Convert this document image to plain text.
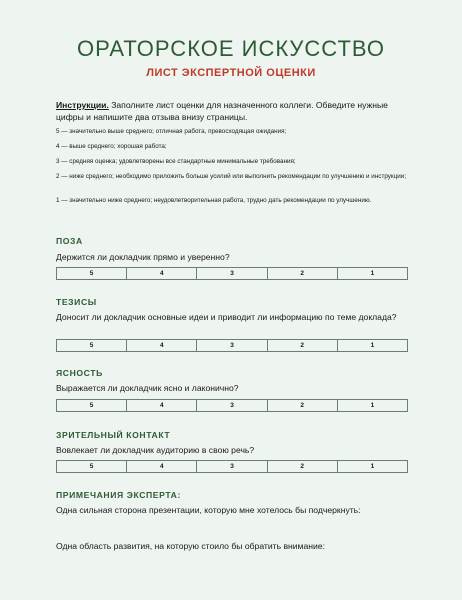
ОРАТОРСКОЕ ИСКУССТВО
ЛИСТ ЭКСПЕРТНОЙ ОЦЕНКИ
Инструкции. Заполните лист оценки для назначенного коллеги. Обведите нужные цифры и напишите два отзыва внизу страницы.
5 — значительно выше среднего; отличная работа, превосходящая ожидания;
4 — выше среднего; хорошая работа;
3 — средняя оценка; удовлетворены все стандартные минимальные требования;
2 — ниже среднего; необходимо приложить больше усилий или выполнить рекомендации по улучшению и инструкции;
1 — значительно ниже среднего; неудовлетворительная работа, трудно дать рекомендации по улучшению.
ПОЗА
Держится ли докладчик прямо и уверенно?
5	4	3	2	1
ТЕЗИСЫ
Доносит ли докладчик основные идеи и приводит ли информацию по теме доклада?
5	4	3	2	1
ЯСНОСТЬ
Выражается ли докладчик ясно и лаконично?
5	4	3	2	1
ЗРИТЕЛЬНЫЙ КОНТАКТ
Вовлекает ли докладчик аудиторию в свою речь?
5	4	3	2	1
ПРИМЕЧАНИЯ ЭКСПЕРТА:
Одна сильная сторона презентации, которую мне хотелось бы подчеркнуть:
Одна область развития, на которую стоило бы обратить внимание:
